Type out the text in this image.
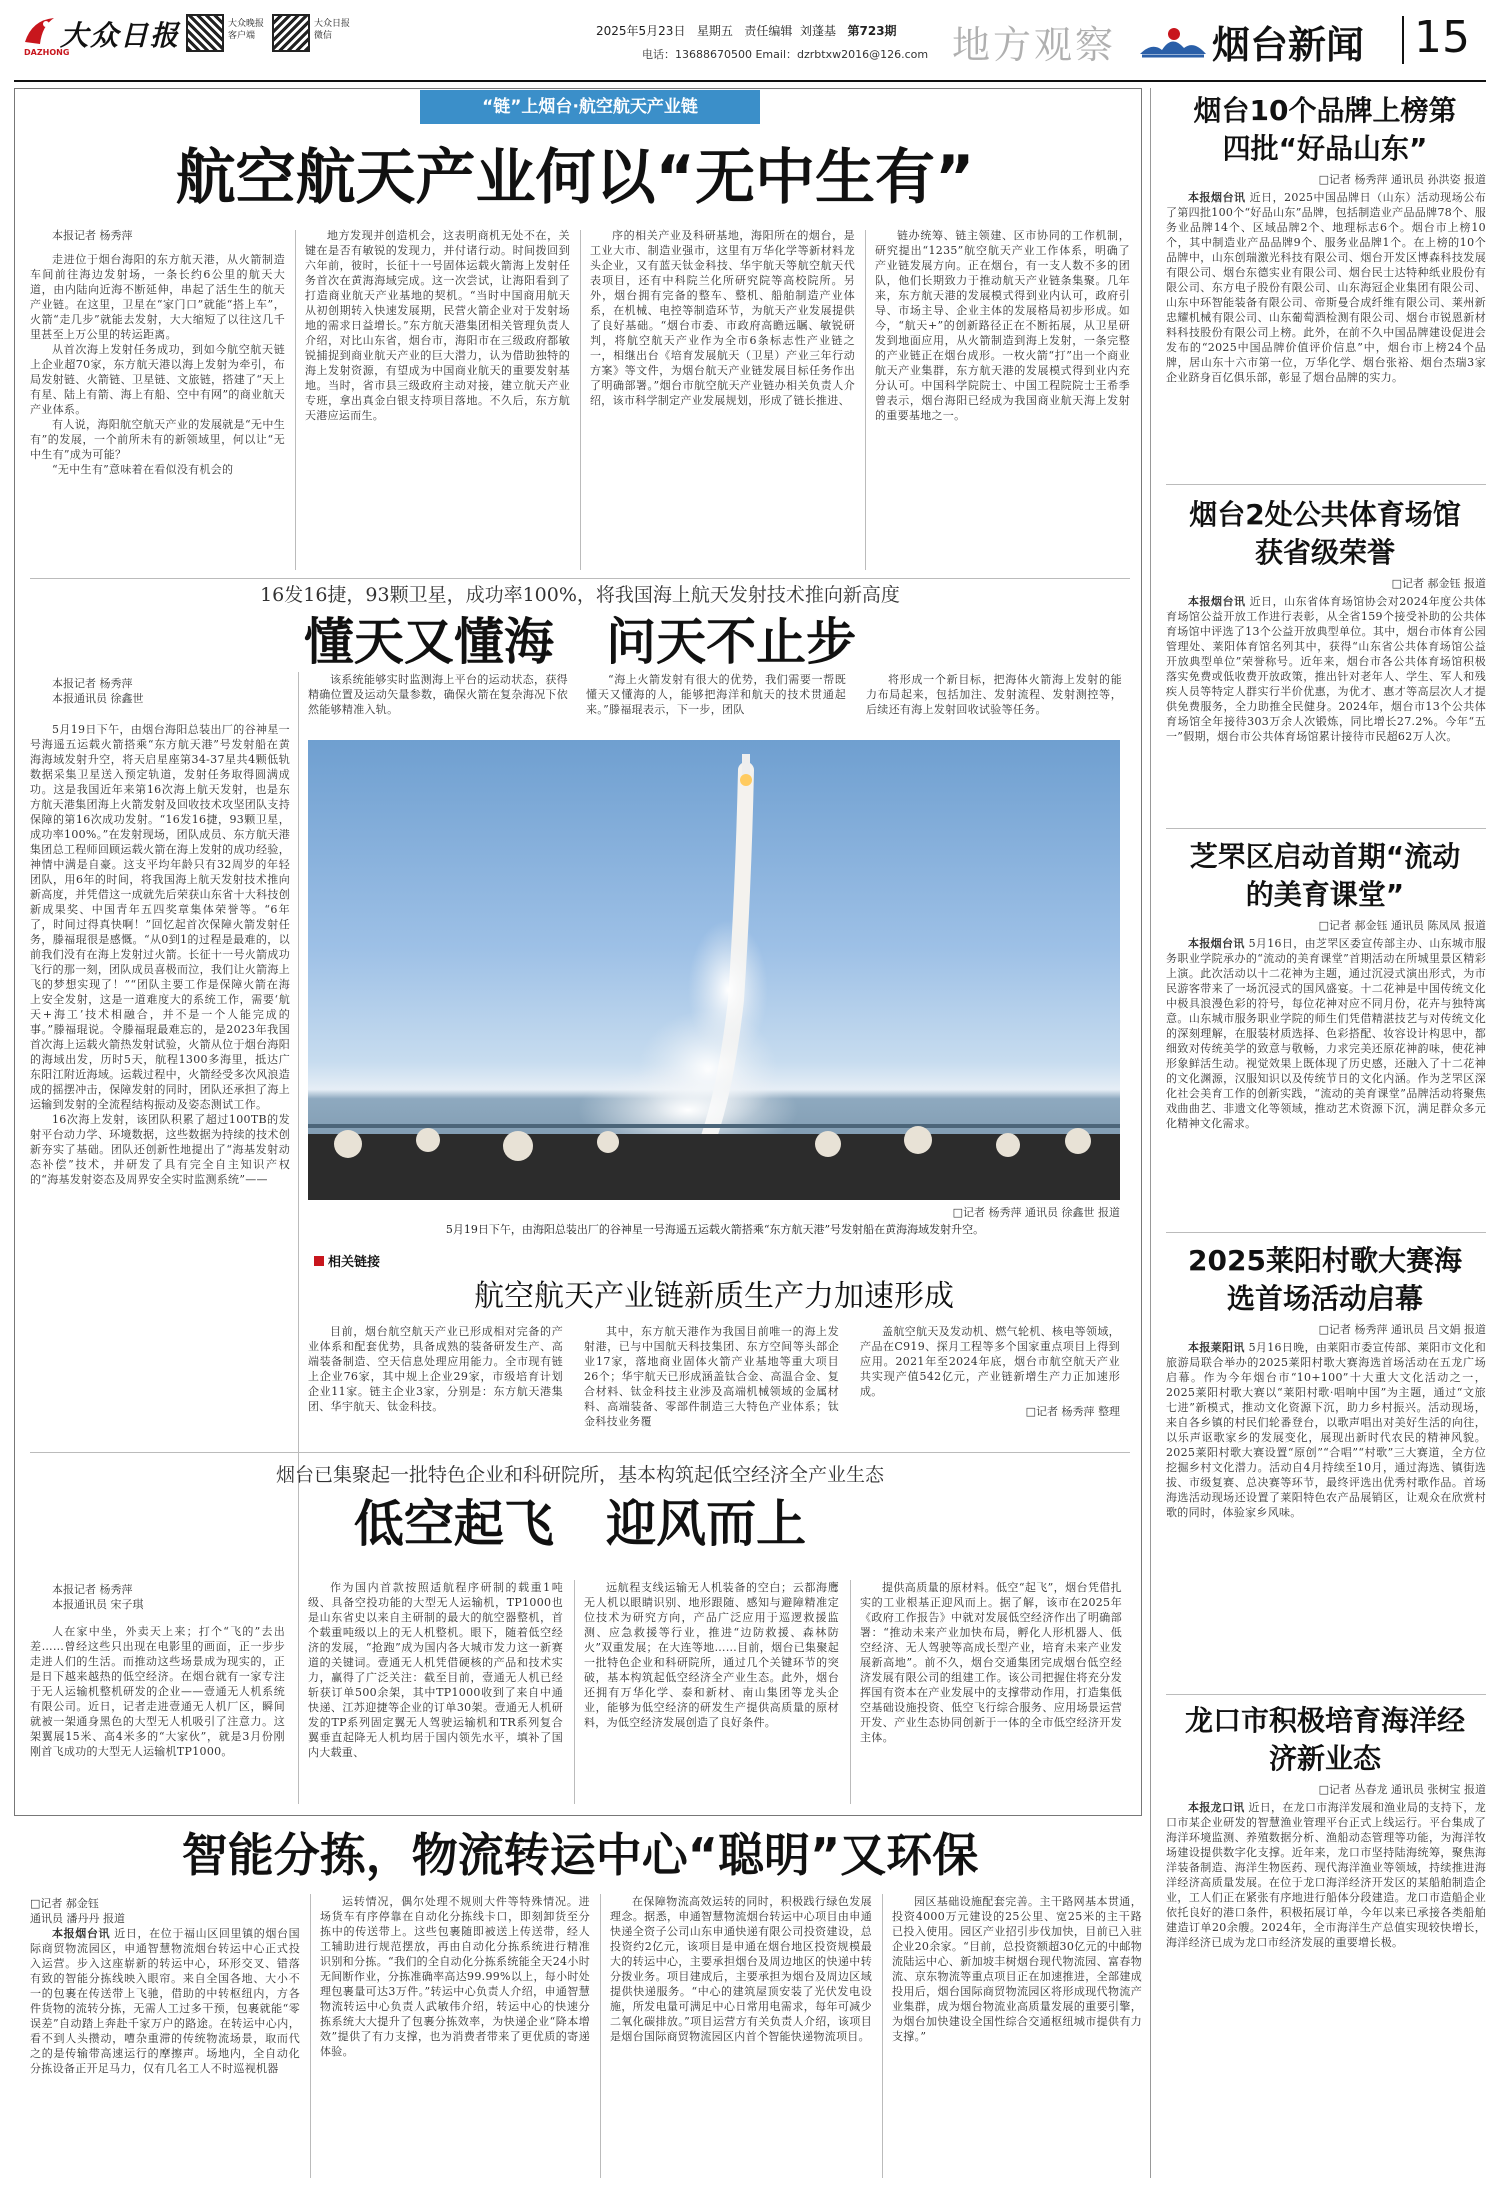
大众日报
DAZHONG
大众晚报客户端
大众日报微信	2025年5月23日 星期五 责任编辑 刘蓬基 第723期
电话：13688670500 Email：dzrbtxw2016@126.com 地方观察	烟台新闻 15
“链”上烟台·航空航天产业链
航空航天产业何以“无中生有”
本报记者 杨秀萍

走进位于烟台海阳的东方航天港，从火箭制造车间前往海边发射场，一条长约6公里的航天大道，由内陆向近海不断延伸，串起了活生生的航天产业链。在这里，卫星在“家门口”就能“搭上车”，火箭“走几步”就能去发射，大大缩短了以往这几千里甚至上万公里的转运距离。

从首次海上发射任务成功，到如今航空航天链上企业超70家，东方航天港以海上发射为牵引，布局发射链、火箭链、卫星链、文旅链，搭建了“天上有星、陆上有箭、海上有船、空中有网”的商业航天产业体系。

有人说，海阳航空航天产业的发展就是“无中生有”的发展，一个前所未有的新领域里，何以让“无中生有”成为可能？

“无中生有”意味着在看似没有机会的

地方发现并创造机会，这表明商机无处不在，关键在是否有敏锐的发现力，并付诸行动。时间拨回到六年前，彼时，长征十一号固体运载火箭海上发射任务首次在黄海海域完成。这一次尝试，让海阳看到了打造商业航天产业基地的契机。“当时中国商用航天从初创期转入快速发展期，民营火箭企业对于发射场地的需求日益增长。”东方航天港集团相关管理负责人介绍，对比山东省，烟台市，海阳市在三级政府都敏锐捕捉到商业航天产业的巨大潜力，认为借助独特的海上发射资源，有望成为中国商业航天的重要发射基地。当时，省市县三级政府主动对接，建立航天产业专班，拿出真金白银支持项目落地。不久后，东方航天港应运而生。

序的相关产业及科研基地，海阳所在的烟台，是工业大市、制造业强市，这里有万华化学等新材料龙头企业，又有蓝天钛金科技、华宇航天等航空航天代表项目，还有中科院兰化所研究院等高校院所。另外，烟台拥有完备的整车、整机、船舶制造产业体系，在机械、电控等制造环节，为航天产业发展提供了良好基础。“烟台市委、市政府高瞻远瞩、敏锐研判，将航空航天产业作为全市6条标志性产业链之一，相继出台《培育发展航天（卫星）产业三年行动方案》等文件，为烟台航天产业链发展目标任务作出了明确部署。”烟台市航空航天产业链办相关负责人介绍，该市科学制定产业发展规划，形成了链长推进、

链办统筹、链主领建、区市协同的工作机制，研究提出“1235”航空航天产业工作体系，明确了产业链发展方向。正在烟台，有一支人数不多的团队，他们长期致力于推动航天产业链条集聚。几年来，东方航天港的发展模式得到业内认可，政府引导、市场主导、企业主体的发展格局初步形成。如今，“航天+”的创新路径正在不断拓展，从卫星研发到地面应用，从火箭制造到海上发射，一条完整的产业链正在烟台成形。一枚火箭“打”出一个商业航天产业集群，东方航天港的发展模式得到业内充分认可。中国科学院院士、中国工程院院士王希季曾表示，烟台海阳已经成为我国商业航天海上发射的重要基地之一。

16发16捷，93颗卫星，成功率100%，将我国海上航天发射技术推向新高度
懂天又懂海 问天不止步
本报记者 杨秀萍
本报通讯员 徐鑫世

5月19日下午，由烟台海阳总装出厂的谷神星一号海遥五运载火箭搭乘“东方航天港”号发射船在黄海海域发射升空，将天启星座第34-37星共4颗低轨数据采集卫星送入预定轨道，发射任务取得圆满成功。这是我国近年来第16次海上航天发射，也是东方航天港集团海上火箭发射及回收技术攻坚团队支持保障的第16次成功发射。“16发16捷，93颗卫星，成功率100%。”在发射现场，团队成员、东方航天港集团总工程师回顾运载火箭在海上发射的成功经验，神情中满是自豪。这支平均年龄只有32周岁的年轻团队，用6年的时间，将我国海上航天发射技术推向新高度，并凭借这一成就先后荣获山东省十大科技创新成果奖、中国青年五四奖章集体荣誉等。“6年了，时间过得真快啊！”回忆起首次保障火箭发射任务，滕福琨很是感慨。“从0到1的过程是最难的，以前我们没有在海上发射过火箭。长征十一号火箭成功飞行的那一刻，团队成员喜极而泣，我们让火箭海上飞的梦想实现了！”“团队主要工作是保障火箭在海上安全发射，这是一道难度大的系统工作，需要‘航天+海工’技术相融合，并不是一个人能完成的事。”滕福琨说。令滕福琨最难忘的，是2023年我国首次海上运载火箭热发射试验，火箭从位于烟台海阳的海域出发，历时5天，航程1300多海里，抵达广东阳江附近海域。运载过程中，火箭经受多次风浪造成的摇摆冲击，保障发射的同时，团队还承担了海上运输到发射的全流程结构振动及姿态测试工作。

16次海上发射，该团队积累了超过100TB的发射平台动力学、环境数据，这些数据为持续的技术创新夯实了基础。团队还创新性地提出了“海基发射动态补偿”技术，并研发了具有完全自主知识产权的“海基发射姿态及周界安全实时监测系统”——

该系统能够实时监测海上平台的运动状态，获得精确位置及运动矢量参数，确保火箭在复杂海况下依然能够精准入轨。

“海上火箭发射有很大的优势，我们需要一帮既懂天又懂海的人，能够把海洋和航天的技术贯通起来。”滕福琨表示，下一步，团队

将形成一个新目标，把海体火箭海上发射的能力布局起来，包括加注、发射流程、发射测控等，后续还有海上发射回收试验等任务。

□记者 杨秀萍 通讯员 徐鑫世 报道
5月19日下午，由海阳总装出厂的谷神星一号海遥五运载火箭搭乘“东方航天港”号发射船在黄海海域发射升空。
相关链接
航空航天产业链新质生产力加速形成

目前，烟台航空航天产业已形成相对完备的产业体系和配套优势，具备成熟的装备研发生产、高端装备制造、空天信息处理应用能力。全市现有链上企业76家，其中规上企业29家，市级培育计划企业11家。链主企业3家，分别是：东方航天港集团、华宇航天、钛金科技。

其中，东方航天港作为我国目前唯一的海上发射港，已与中国航天科技集团、东方空间等头部企业17家，落地商业固体火箭产业基地等重大项目26个；华宇航天已形成涵盖钛合金、高温合金、复合材料、钛金科技主业涉及高端机械领域的金属材料、高端装备、零部件制造三大特色产业体系；钛金科技业务覆

盖航空航天及发动机、燃气轮机、核电等领域，产品在C919、探月工程等多个国家重点项目上得到应用。2021年至2024年底，烟台市航空航天产业共实现产值542亿元，产业链新增生产力正加速形成。

□记者 杨秀萍 整理
烟台已集聚起一批特色企业和科研院所，基本构筑起低空经济全产业生态
低空起飞 迎风而上
本报记者 杨秀萍
本报通讯员 宋子琪

人在家中坐，外卖天上来；打个“飞的”去出差……曾经这些只出现在电影里的画面，正一步步走进人们的生活。而推动这些场景成为现实的，正是日下越来越热的低空经济。在烟台就有一家专注于无人运输机整机研发的企业——壹通无人机系统有限公司。近日，记者走进壹通无人机厂区，瞬间就被一架通身黑色的大型无人机吸引了注意力。这架翼展15米、高4米多的“大家伙”，就是3月份刚刚首飞成功的大型无人运输机TP1000。

作为国内首款按照适航程序研制的载重1吨级、具备空投功能的大型无人运输机，TP1000也是山东省史以来自主研制的最大的航空器整机，首个载重吨级以上的无人机整机。眼下，随着低空经济的发展，“抢跑”成为国内各大城市发力这一新赛道的关键词。壹通无人机凭借硬核的产品和技术实力，赢得了广泛关注：截至目前，壹通无人机已经斩获订单500余架，其中TP1000收到了来自中通快递、江苏迎捷等企业的订单30架。壹通无人机研发的TP系列固定翼无人驾驶运输机和TR系列复合翼垂直起降无人机均居于国内领先水平，填补了国内大载重、

远航程支线运输无人机装备的空白；云都海鹰无人机以眼睛识别、地形跟随、感知与避障精准定位技术为研究方向，产品广泛应用于巡逻救援监测、应急救援等行业，推进“边防救援、森林防火”双重发展；在大连等地……目前，烟台已集聚起一批特色企业和科研院所，通过几个关键环节的突破，基本构筑起低空经济全产业生态。此外，烟台还拥有万华化学、泰和新材、南山集团等龙头企业，能够为低空经济的研发生产提供高质量的原材料，为低空经济发展创造了良好条件。

提供高质量的原材料。低空“起飞”，烟台凭借扎实的工业根基正迎风而上。据了解，该市在2025年《政府工作报告》中就对发展低空经济作出了明确部署：“推动未来产业加快布局，孵化人形机器人、低空经济、无人驾驶等高成长型产业，培育未来产业发展新高地”。前不久，烟台交通集团完成烟台低空经济发展有限公司的组建工作。该公司把握住将充分发挥国有资本在产业发展中的支撑带动作用，打造集低空基础设施投资、低空飞行综合服务、应用场景运营开发、产业生态协同创新于一体的全市低空经济开发主体。

智能分拣，物流转运中心“聪明”又环保
□记者 郝金钰
通讯员 潘丹丹 报道

本报烟台讯 近日，在位于福山区回里镇的烟台国际商贸物流园区，申通智慧物流烟台转运中心正式投入运营。步入这座崭新的转运中心，环形交叉、错落有致的智能分拣线映入眼帘。来自全国各地、大小不一的包裹在传送带上飞驰，借助的中转枢纽内，方各件货物的流转分拣，无需人工过多干预，包裹就能“零误差”自动踏上奔赴千家万户的路途。在转运中心内，看不到人头攒动，嘈杂重滞的传统物流场景，取而代之的是传输带高速运行的摩擦声。场地内，全自动化分拣设备正开足马力，仅有几名工人不时巡视机器

运转情况，偶尔处理不规则大件等特殊情况。进场货车有序停靠在自动化分拣线卡口，即刻卸货至分拣中的传送带上。这些包裹随即被送上传送带，经人工辅助进行规范摆放，再由自动化分拣系统进行精准识别和分拣。“我们的全自动化分拣系统能全天24小时无间断作业，分拣准确率高达99.99%以上，每小时处理包裹量可达3万件。”转运中心负责人介绍，申通智慧物流转运中心负责人武敏伟介绍，转运中心的快速分拣系统大大提升了包裹分拣效率，为快递企业“降本增效”提供了有力支撑，也为消费者带来了更优质的寄递体验。

在保障物流高效运转的同时，积极践行绿色发展理念。据悉，申通智慧物流烟台转运中心项目由申通快递全资子公司山东申通快递有限公司投资建设，总投资约2亿元，该项目是申通在烟台地区投资规模最大的转运中心，主要承担烟台及周边地区的快递中转分拨业务。项目建成后，主要承担为烟台及周边区域提供快递服务。“中心的建筑屋顶安装了光伏发电设施，所发电量可满足中心日常用电需求，每年可减少二氧化碳排放。”项目运营方有关负责人介绍，该项目是烟台国际商贸物流园区内首个智能快递物流项目。

园区基础设施配套完善。主干路网基本贯通，投资4000万元建设的25公里、宽25米的主干路已投入使用。园区产业招引步伐加快，目前已入驻企业20余家。“目前，总投资额超30亿元的中邮物流陆运中心、新加坡丰树烟台现代物流园、富春物流、京东物流等重点项目正在加速推进，全部建成投用后，烟台国际商贸物流园区将形成现代物流产业集群，成为烟台物流业高质量发展的重要引擎，为烟台加快建设全国性综合交通枢纽城市提供有力支撑。”

烟台10个品牌上榜第四批“好品山东”
□记者 杨秀萍 通讯员 孙洪姿 报道

本报烟台讯 近日，2025中国品牌日（山东）活动现场公布了第四批100个“好品山东”品牌，包括制造业产品品牌78个、服务业品牌14个、区域品牌2个、地理标志6个。烟台市上榜10个，其中制造业产品品牌9个、服务业品牌1个。在上榜的10个品牌中，山东创瑞激光科技有限公司、烟台开发区博森科技发展有限公司、烟台东德实业有限公司、烟台民士达特种纸业股份有限公司、东方电子股份有限公司、山东海冠企业集团有限公司、山东中环智能装备有限公司、帝斯曼合成纤维有限公司、莱州新忠耀机械有限公司、山东葡萄酒检测有限公司、烟台市锐恩新材料科技股份有限公司上榜。此外，在前不久中国品牌建设促进会发布的“2025中国品牌价值评价信息”中，烟台市上榜24个品牌，居山东十六市第一位，万华化学、烟台张裕、烟台杰瑞3家企业跻身百亿俱乐部，彰显了烟台品牌的实力。

烟台2处公共体育场馆获省级荣誉
□记者 郝金钰 报道

本报烟台讯 近日，山东省体育场馆协会对2024年度公共体育场馆公益开放工作进行表彰，从全省159个接受补助的公共体育场馆中评选了13个公益开放典型单位。其中，烟台市体育公园管理处、莱阳体育馆名列其中，获得“山东省公共体育场馆公益开放典型单位”荣誉称号。近年来，烟台市各公共体育场馆积极落实免费或低收费开放政策，推出针对老年人、学生、军人和残疾人员等特定人群实行半价优惠，为优才、惠才等高层次人才提供免费服务，全力助推全民健身。2024年，烟台市13个公共体育场馆全年接待303万余人次锻炼，同比增长27.2%。今年“五一”假期，烟台市公共体育场馆累计接待市民超62万人次。

芝罘区启动首期“流动的美育课堂”
□记者 郝金钰 通讯员 陈凤凤 报道

本报烟台讯 5月16日，由芝罘区委宣传部主办、山东城市服务职业学院承办的“流动的美育课堂”首期活动在所城里景区精彩上演。此次活动以十二花神为主题，通过沉浸式演出形式，为市民游客带来了一场沉浸式的国风盛宴。十二花神是中国传统文化中极具浪漫色彩的符号，每位花神对应不同月份，花卉与独特寓意。山东城市服务职业学院的师生们凭借精湛技艺与对传统文化的深刻理解，在服装材质选择、色彩搭配、妆容设计构思中，都细致对传统美学的致意与敬畅，力求完美还原花神韵味，使花神形象鲜活生动。视觉效果上既体现了历史感，还融入了十二花神的文化渊源，汉服知识以及传统节日的文化内涵。作为芝罘区深化社会美育工作的创新实践，“流动的美育课堂”品牌活动将聚焦戏曲曲艺、非遗文化等领域，推动艺术资源下沉，满足群众多元化精神文化需求。

2025莱阳村歌大赛海选首场活动启幕
□记者 杨秀萍 通讯员 吕文娟 报道

本报莱阳讯 5月16日晚，由莱阳市委宣传部、莱阳市文化和旅游局联合举办的2025莱阳村歌大赛海选首场活动在五龙广场启幕。作为今年烟台市“10+100”十大重大文化活动之一，2025莱阳村歌大赛以“莱阳村歌·唱响中国”为主题，通过“文旅七进”新模式，推动文化资源下沉，助力乡村振兴。活动现场，来自各乡镇的村民们轮番登台，以歌声唱出对美好生活的向往，以乐声讴歌家乡的发展变化，展现出新时代农民的精神风貌。2025莱阳村歌大赛设置“原创”“合唱”“村歌”三大赛道，全方位挖掘乡村文化潜力。活动自4月持续至10月，通过海选、镇街选拔、市级复赛、总决赛等环节，最终评选出优秀村歌作品。首场海选活动现场还设置了莱阳特色农产品展销区，让观众在欣赏村歌的同时，体验家乡风味。

龙口市积极培育海洋经济新业态
□记者 丛春龙 通讯员 张树宝 报道

本报龙口讯 近日，在龙口市海洋发展和渔业局的支持下，龙口市某企业研发的智慧渔业管理平台正式上线运行。平台集成了海洋环境监测、养殖数据分析、渔船动态管理等功能，为海洋牧场建设提供数字化支撑。近年来，龙口市坚持陆海统筹，聚焦海洋装备制造、海洋生物医药、现代海洋渔业等领域，持续推进海洋经济高质量发展。在位于龙口海洋经济开发区的某船舶制造企业，工人们正在紧张有序地进行船体分段建造。龙口市造船企业依托良好的港口条件，积极拓展订单，今年以来已承接各类船舶建造订单20余艘。2024年，全市海洋生产总值实现较快增长，海洋经济已成为龙口市经济发展的重要增长极。
